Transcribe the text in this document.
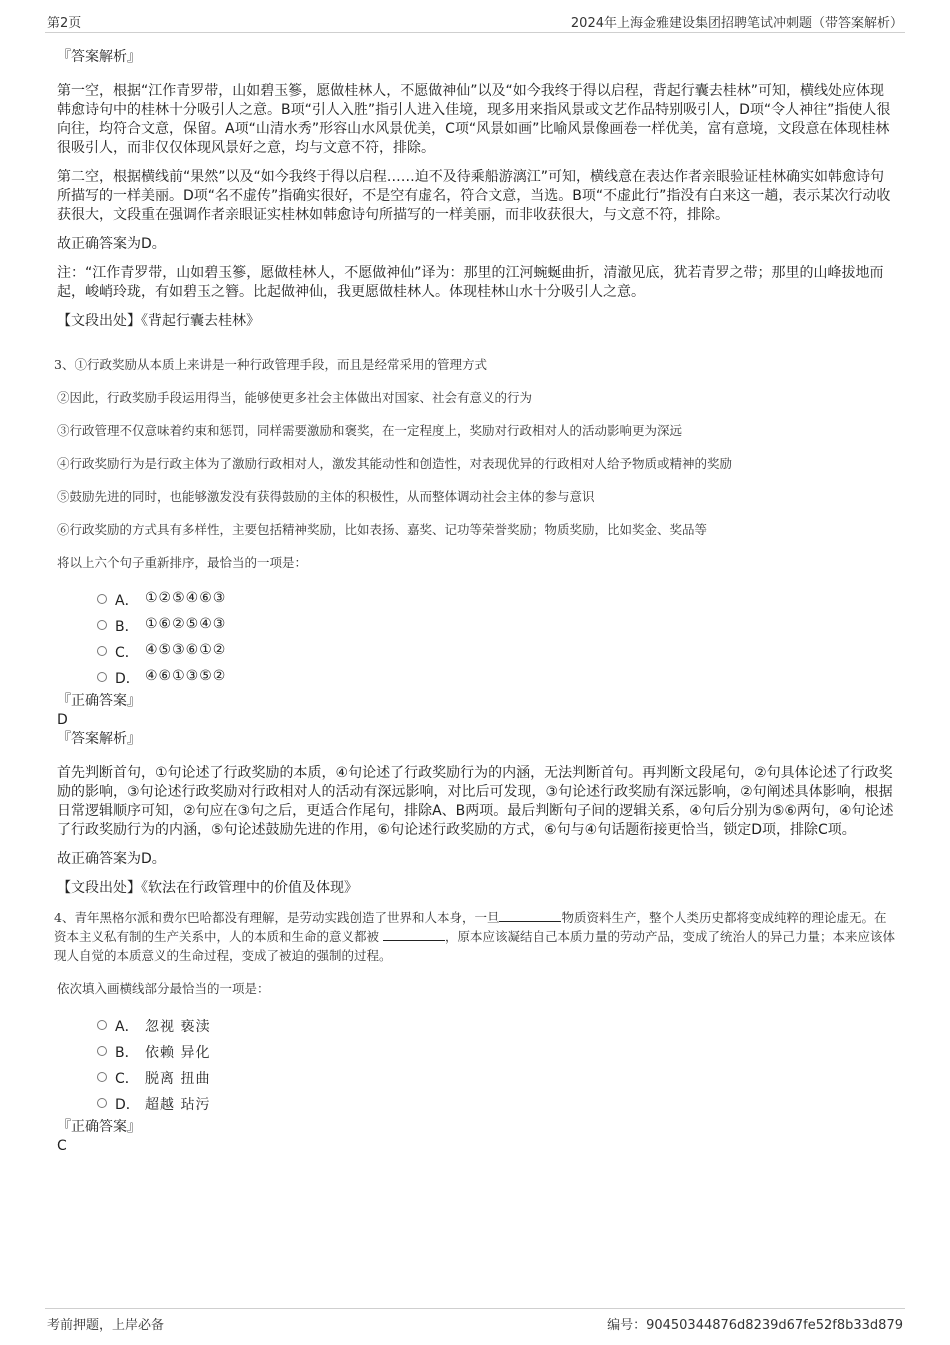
第2页	2024年上海金雅建设集团招聘笔试冲刺题（带答案解析）

『答案解析』

第一空，根据“江作青罗带，山如碧玉篸，愿做桂林人，不愿做神仙”以及“如今我终于得以启程，背起行囊去桂林”可知，横线处应体现韩愈诗句中的桂林十分吸引人之意。B项“引人入胜”指引人进入佳境，现多用来指风景或文艺作品特别吸引人，D项“令人神往”指使人很向往，均符合文意，保留。A项“山清水秀”形容山水风景优美，C项“风景如画”比喻风景像画卷一样优美，富有意境，文段意在体现桂林很吸引人，而非仅仅体现风景好之意，均与文意不符，排除。

第二空，根据横线前“果然”以及“如今我终于得以启程……迫不及待乘船游漓江”可知，横线意在表达作者亲眼验证桂林确实如韩愈诗句所描写的一样美丽。D项“名不虚传”指确实很好，不是空有虚名，符合文意，当选。B项“不虚此行”指没有白来这一趟，表示某次行动收获很大，文段重在强调作者亲眼证实桂林如韩愈诗句所描写的一样美丽，而非收获很大，与文意不符，排除。

故正确答案为D。

注：“江作青罗带，山如碧玉篸，愿做桂林人，不愿做神仙”译为：那里的江河蜿蜒曲折，清澈见底，犹若青罗之带；那里的山峰拔地而起，峻峭玲珑，有如碧玉之簪。比起做神仙，我更愿做桂林人。体现桂林山水十分吸引人之意。

【文段出处】《背起行囊去桂林》

3、①行政奖励从本质上来讲是一种行政管理手段，而且是经常采用的管理方式

②因此，行政奖励手段运用得当，能够使更多社会主体做出对国家、社会有意义的行为

③行政管理不仅意味着约束和惩罚，同样需要激励和褒奖，在一定程度上，奖励对行政相对人的活动影响更为深远

④行政奖励行为是行政主体为了激励行政相对人，激发其能动性和创造性，对表现优异的行政相对人给予物质或精神的奖励

⑤鼓励先进的同时，也能够激发没有获得鼓励的主体的积极性，从而整体调动社会主体的参与意识

⑥行政奖励的方式具有多样性，主要包括精神奖励，比如表扬、嘉奖、记功等荣誉奖励；物质奖励，比如奖金、奖品等

将以上六个句子重新排序，最恰当的一项是：

A． ①②⑤④⑥③
B． ①⑥②⑤④③
C． ④⑤③⑥①②
D． ④⑥①③⑤②

『正确答案』

D

『答案解析』

首先判断首句，①句论述了行政奖励的本质，④句论述了行政奖励行为的内涵，无法判断首句。再判断文段尾句，②句具体论述了行政奖励的影响，③句论述行政奖励对行政相对人的活动有深远影响，对比后可发现，③句论述行政奖励有深远影响，②句阐述具体影响，根据日常逻辑顺序可知，②句应在③句之后，更适合作尾句，排除A、B两项。最后判断句子间的逻辑关系，④句后分别为⑤⑥两句，④句论述了行政奖励行为的内涵，⑤句论述鼓励先进的作用，⑥句论述行政奖励的方式，⑥句与④句话题衔接更恰当，锁定D项，排除C项。

故正确答案为D。

【文段出处】《软法在行政管理中的价值及体现》

4、青年黑格尔派和费尔巴哈都没有理解，是劳动实践创造了世界和人本身，一旦	物质资料生产，整个人类历史都将变成纯粹的理论虚无。在资本主义私有制的生产关系中，人的本质和生命的意义都被	，原本应该凝结自己本质力量的劳动产品，变成了统治人的异己力量；本来应该体现人自觉的本质意义的生命过程，变成了被迫的强制的过程。

依次填入画横线部分最恰当的一项是：

A． 忽视 亵渎
B． 依赖 异化
C． 脱离 扭曲
D． 超越 玷污

『正确答案』

C

考前押题，上岸必备	编号：90450344876d8239d67fe52f8b33d879
